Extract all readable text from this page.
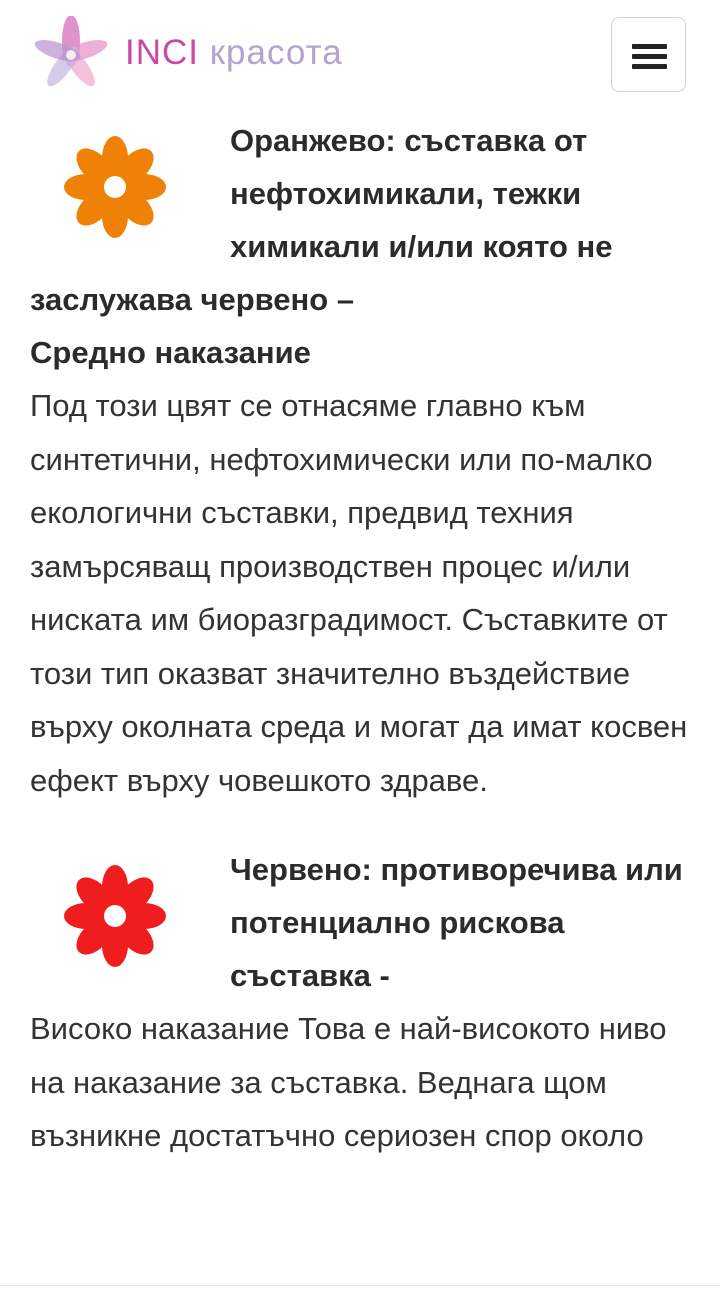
INCI красота
Оранжево: съставка от нефтохимикали, тежки химикали и/или която не заслужава червено –
Средно наказание
Под този цвят се отнасяме главно към синтетични, нефтохимически или по-малко екологични съставки, предвид техния замърсяващ производствен процес и/или ниската им биоразградимост. Съставките от този тип оказват значително въздействие върху околната среда и могат да имат косвен ефект върху човешкото здраве.
Червено: противоречива или потенциално рискова съставка -
Високо наказание Това е най-високото ниво на наказание за съставка. Веднага щом възникне достатъчно сериозен спор около
